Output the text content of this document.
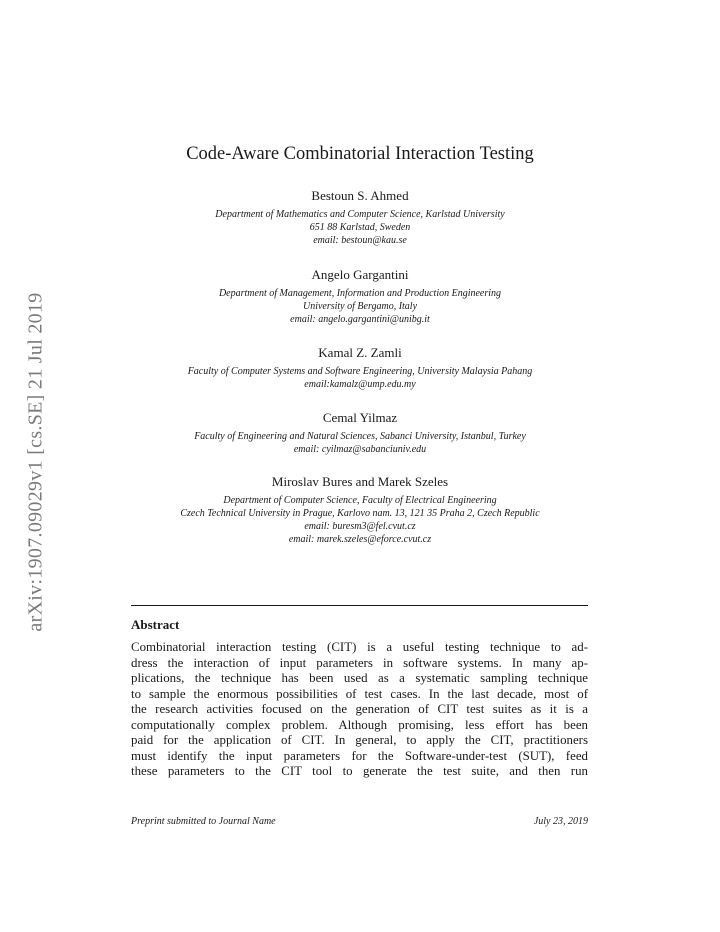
arXiv:1907.09029v1 [cs.SE] 21 Jul 2019
Code-Aware Combinatorial Interaction Testing
Bestoun S. Ahmed
Department of Mathematics and Computer Science, Karlstad University
651 88 Karlstad, Sweden
email: bestoun@kau.se
Angelo Gargantini
Department of Management, Information and Production Engineering
University of Bergamo, Italy
email: angelo.gargantini@unibg.it
Kamal Z. Zamli
Faculty of Computer Systems and Software Engineering, University Malaysia Pahang
email:kamalz@ump.edu.my
Cemal Yilmaz
Faculty of Engineering and Natural Sciences, Sabanci University, Istanbul, Turkey
email: cyilmaz@sabanciuniv.edu
Miroslav Bures and Marek Szeles
Department of Computer Science, Faculty of Electrical Engineering
Czech Technical University in Prague, Karlovo nam. 13, 121 35 Praha 2, Czech Republic
email: buresm3@fel.cvut.cz
email: marek.szeles@eforce.cvut.cz
Abstract
Combinatorial interaction testing (CIT) is a useful testing technique to ad-
dress the interaction of input parameters in software systems. In many ap-
plications, the technique has been used as a systematic sampling technique
to sample the enormous possibilities of test cases. In the last decade, most of
the research activities focused on the generation of CIT test suites as it is a
computationally complex problem. Although promising, less effort has been
paid for the application of CIT. In general, to apply the CIT, practitioners
must identify the input parameters for the Software-under-test (SUT), feed
these parameters to the CIT tool to generate the test suite, and then run
Preprint submitted to Journal Name	July 23, 2019
